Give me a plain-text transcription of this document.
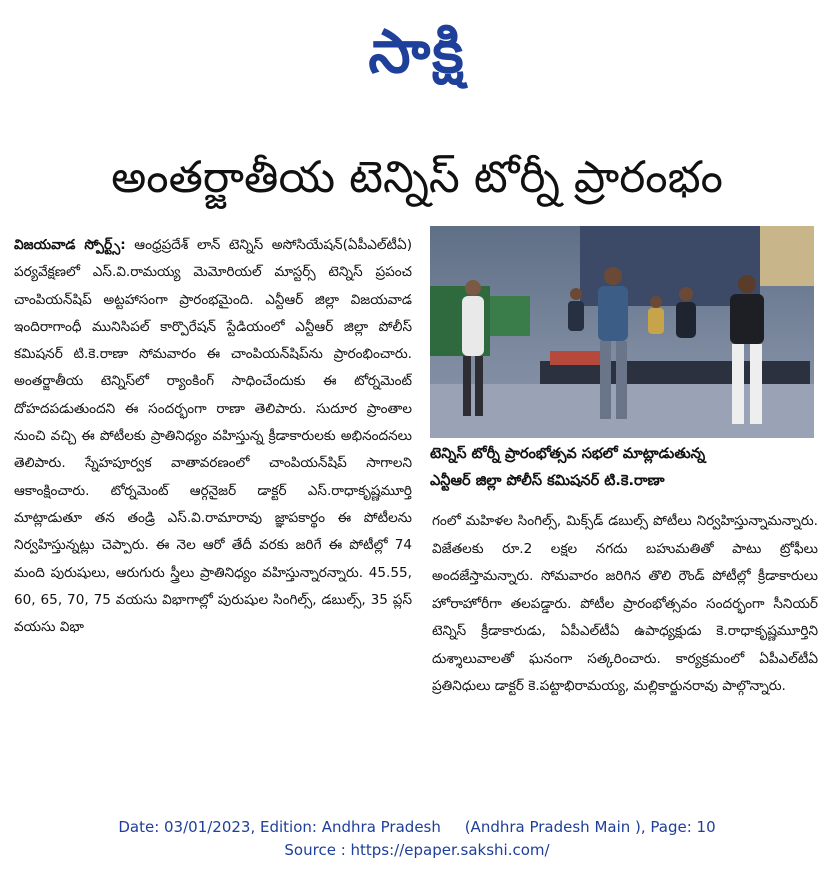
సాక్షి
అంతర్జాతీయ టెన్నిస్ టోర్నీ ప్రారంభం
విజయవాడ స్పోర్ట్స్: ఆంధ్రప్రదేశ్ లాన్ టెన్నిస్ అసోసియేషన్(ఏపీఎల్‌టీఏ) పర్యవేక్షణలో ఎస్.వి.రామయ్య మెమోరియల్ మాస్టర్స్ టెన్నిస్ ప్రపంచ చాంపియన్‌షిప్ అట్టహాసంగా ప్రారంభమైంది. ఎన్టీఆర్ జిల్లా విజయవాడ ఇందిరాగాంధీ మునిసిపల్ కార్పొరేషన్ స్టేడియంలో ఎన్టీఆర్ జిల్లా పోలీస్ కమిషనర్ టి.కె.రాణా సోమవారం ఈ చాంపియన్‌షిప్‌ను ప్రారంభించారు. అంతర్జాతీయ టెన్నిస్‌లో ర్యాంకింగ్ సాధించేందుకు ఈ టోర్నమెంట్ దోహదపడుతుందని ఈ సందర్భంగా రాణా తెలిపారు. సుదూర ప్రాంతాల నుంచి వచ్చి ఈ పోటీలకు ప్రాతినిధ్యం వహిస్తున్న క్రీడాకారులకు అభినందనలు తెలిపారు. స్నేహపూర్వక వాతావరణంలో చాంపియన్‌షిప్ సాగాలని ఆకాంక్షించారు. టోర్నమెంట్ ఆర్గనైజర్ డాక్టర్ ఎస్.రాధాకృష్ణమూర్తి మాట్లాడుతూ తన తండ్రి ఎస్.వి.రామారావు జ్ఞాపకార్థం ఈ పోటీలను నిర్వహిస్తున్నట్లు చెప్పారు. ఈ నెల ఆరో తేదీ వరకు జరిగే ఈ పోటీల్లో 74 మంది పురుషులు, ఆరుగురు స్త్రీలు ప్రాతినిధ్యం వహిస్తున్నారన్నారు. 45.55, 60, 65, 70, 75 వయసు విభాగాల్లో పురుషుల సింగిల్స్, డబుల్స్, 35 ప్లస్ వయసు విభా
టెన్నిస్ టోర్నీ ప్రారంభోత్సవ సభలో మాట్లాడుతున్న
ఎన్టీఆర్ జిల్లా పోలీస్ కమిషనర్ టి.కె.రాణా
గంలో మహిళల సింగిల్స్, మిక్స్‌డ్ డబుల్స్ పోటీలు నిర్వహిస్తున్నామన్నారు. విజేతలకు రూ.2 లక్షల నగదు బహుమతితో పాటు ట్రోఫీలు అందజేస్తామన్నారు. సోమవారం జరిగిన తొలి రౌండ్ పోటీల్లో క్రీడాకారులు హోరాహోరీగా తలపడ్డారు. పోటీల ప్రారంభోత్సవం సందర్భంగా సీనియర్ టెన్నిస్ క్రీడాకారుడు, ఏపీఎల్‌టీఏ ఉపాధ్యక్షుడు కె.రాధాకృష్ణమూర్తిని దుశ్శాలువాలతో ఘనంగా సత్కరించారు. కార్యక్రమంలో ఏపీఎల్‌టీఏ ప్రతినిధులు డాక్టర్ కె.పట్టాభిరామయ్య, మల్లికార్జునరావు పాల్గొన్నారు.
Date: 03/01/2023, Edition: Andhra Pradesh     (Andhra Pradesh Main ), Page: 10
Source : https://epaper.sakshi.com/
